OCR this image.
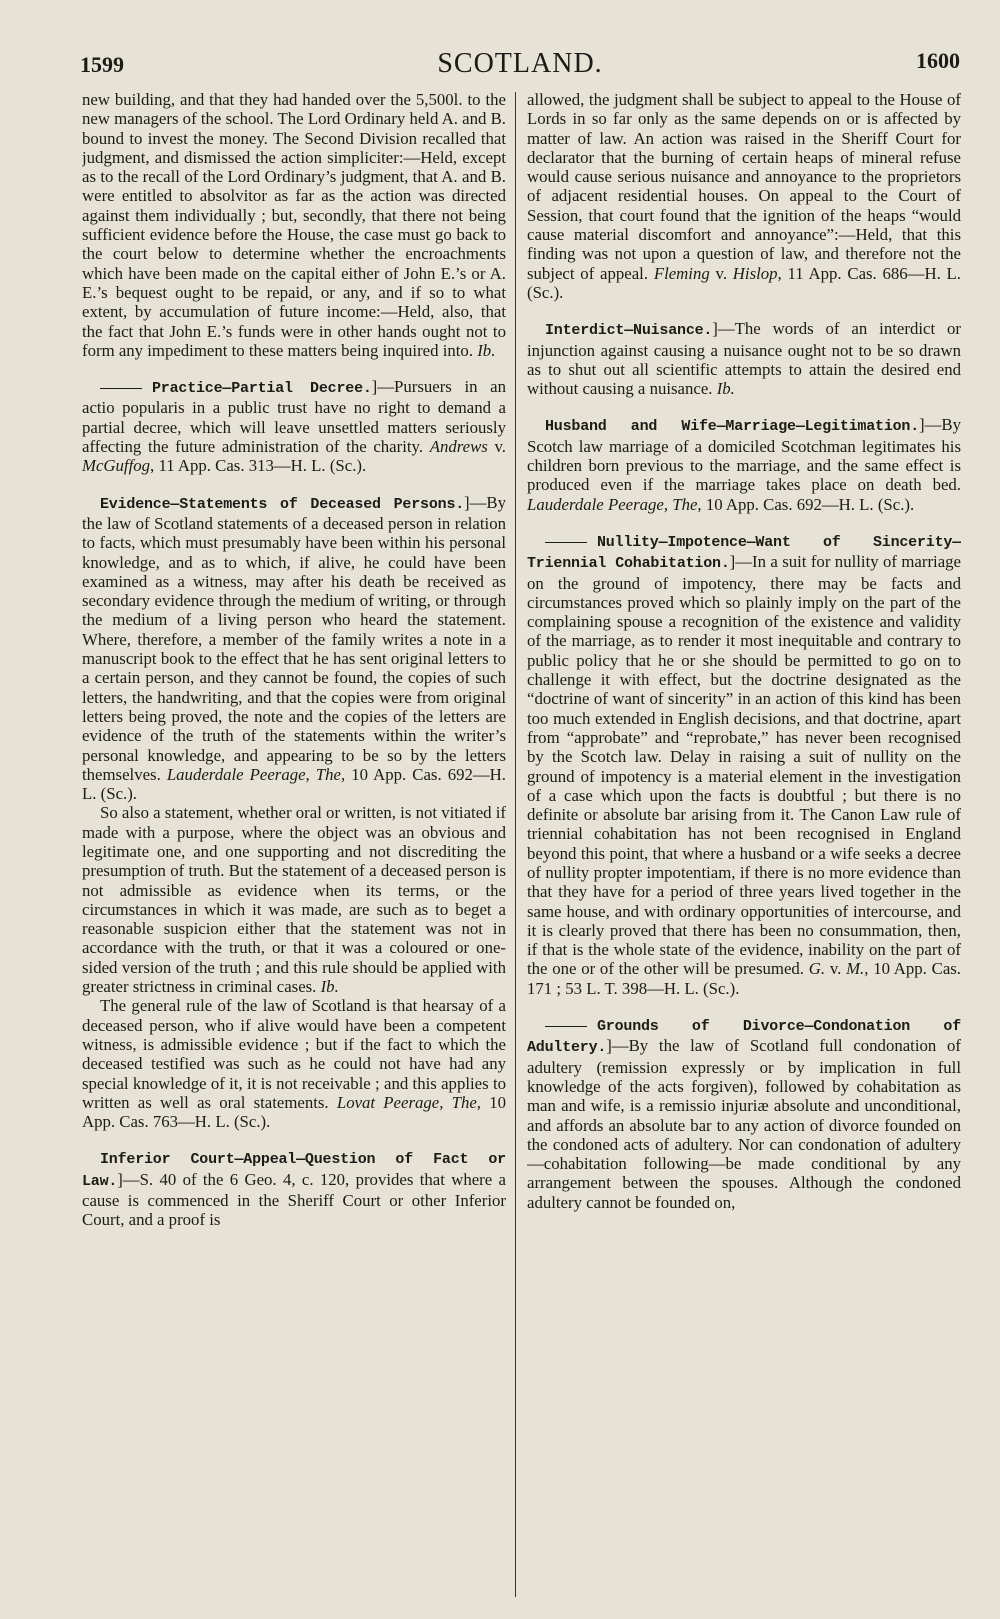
1599	SCOTLAND.	1600

new building, and that they had handed over the 5,500l. to the new managers of the school. The Lord Ordinary held A. and B. bound to invest the money. The Second Division recalled that judgment, and dismissed the action simpliciter:—Held, except as to the recall of the Lord Ordinary’s judgment, that A. and B. were entitled to absolvitor as far as the action was directed against them individually ; but, secondly, that there not being sufficient evidence before the House, the case must go back to the court below to determine whether the encroachments which have been made on the capital either of John E.’s or A. E.’s bequest ought to be repaid, or any, and if so to what extent, by accumulation of future income:—Held, also, that the fact that John E.’s funds were in other hands ought not to form any impediment to these matters being inquired into. Ib.

Practice—Partial Decree.]—Pursuers in an actio popularis in a public trust have no right to demand a partial decree, which will leave unsettled matters seriously affecting the future administration of the charity. Andrews v. McGuffog, 11 App. Cas. 313—H. L. (Sc.).

Evidence—Statements of Deceased Persons.]—By the law of Scotland statements of a deceased person in relation to facts, which must presumably have been within his personal knowledge, and as to which, if alive, he could have been examined as a witness, may after his death be received as secondary evidence through the medium of writing, or through the medium of a living person who heard the statement. Where, therefore, a member of the family writes a note in a manuscript book to the effect that he has sent original letters to a certain person, and they cannot be found, the copies of such letters, the handwriting, and that the copies were from original letters being proved, the note and the copies of the letters are evidence of the truth of the statements within the writer’s personal knowledge, and appearing to be so by the letters themselves. Lauderdale Peerage, The, 10 App. Cas. 692—H. L. (Sc.).

So also a statement, whether oral or written, is not vitiated if made with a purpose, where the object was an obvious and legitimate one, and one supporting and not discrediting the presumption of truth. But the statement of a deceased person is not admissible as evidence when its terms, or the circumstances in which it was made, are such as to beget a reasonable suspicion either that the statement was not in accordance with the truth, or that it was a coloured or one-sided version of the truth ; and this rule should be applied with greater strictness in criminal cases. Ib.

The general rule of the law of Scotland is that hearsay of a deceased person, who if alive would have been a competent witness, is admissible evidence ; but if the fact to which the deceased testified was such as he could not have had any special knowledge of it, it is not receivable ; and this applies to written as well as oral statements. Lovat Peerage, The, 10 App. Cas. 763—H. L. (Sc.).

Inferior Court—Appeal—Question of Fact or Law.]—S. 40 of the 6 Geo. 4, c. 120, provides that where a cause is commenced in the Sheriff Court or other Inferior Court, and a proof is

allowed, the judgment shall be subject to appeal to the House of Lords in so far only as the same depends on or is affected by matter of law. An action was raised in the Sheriff Court for declarator that the burning of certain heaps of mineral refuse would cause serious nuisance and annoyance to the proprietors of adjacent residential houses. On appeal to the Court of Session, that court found that the ignition of the heaps “would cause material discomfort and annoyance”:—Held, that this finding was not upon a question of law, and therefore not the subject of appeal. Fleming v. Hislop, 11 App. Cas. 686—H. L. (Sc.).

Interdict—Nuisance.]—The words of an interdict or injunction against causing a nuisance ought not to be so drawn as to shut out all scientific attempts to attain the desired end without causing a nuisance. Ib.

Husband and Wife—Marriage—Legitimation.]—By Scotch law marriage of a domiciled Scotchman legitimates his children born previous to the marriage, and the same effect is produced even if the marriage takes place on death bed. Lauderdale Peerage, The, 10 App. Cas. 692—H. L. (Sc.).

Nullity—Impotence—Want of Sincerity—Triennial Cohabitation.]—In a suit for nullity of marriage on the ground of impotency, there may be facts and circumstances proved which so plainly imply on the part of the complaining spouse a recognition of the existence and validity of the marriage, as to render it most inequitable and contrary to public policy that he or she should be permitted to go on to challenge it with effect, but the doctrine designated as the “doctrine of want of sincerity” in an action of this kind has been too much extended in English decisions, and that doctrine, apart from “approbate” and “reprobate,” has never been recognised by the Scotch law. Delay in raising a suit of nullity on the ground of impotency is a material element in the investigation of a case which upon the facts is doubtful ; but there is no definite or absolute bar arising from it. The Canon Law rule of triennial cohabitation has not been recognised in England beyond this point, that where a husband or a wife seeks a decree of nullity propter impotentiam, if there is no more evidence than that they have for a period of three years lived together in the same house, and with ordinary opportunities of intercourse, and it is clearly proved that there has been no consummation, then, if that is the whole state of the evidence, inability on the part of the one or of the other will be presumed. G. v. M., 10 App. Cas. 171 ; 53 L. T. 398—H. L. (Sc.).

Grounds of Divorce—Condonation of Adultery.]—By the law of Scotland full condonation of adultery (remission expressly or by implication in full knowledge of the acts forgiven), followed by cohabitation as man and wife, is a remissio injuriæ absolute and unconditional, and affords an absolute bar to any action of divorce founded on the condoned acts of adultery. Nor can condonation of adultery—cohabitation following—be made conditional by any arrangement between the spouses. Although the condoned adultery cannot be founded on,
